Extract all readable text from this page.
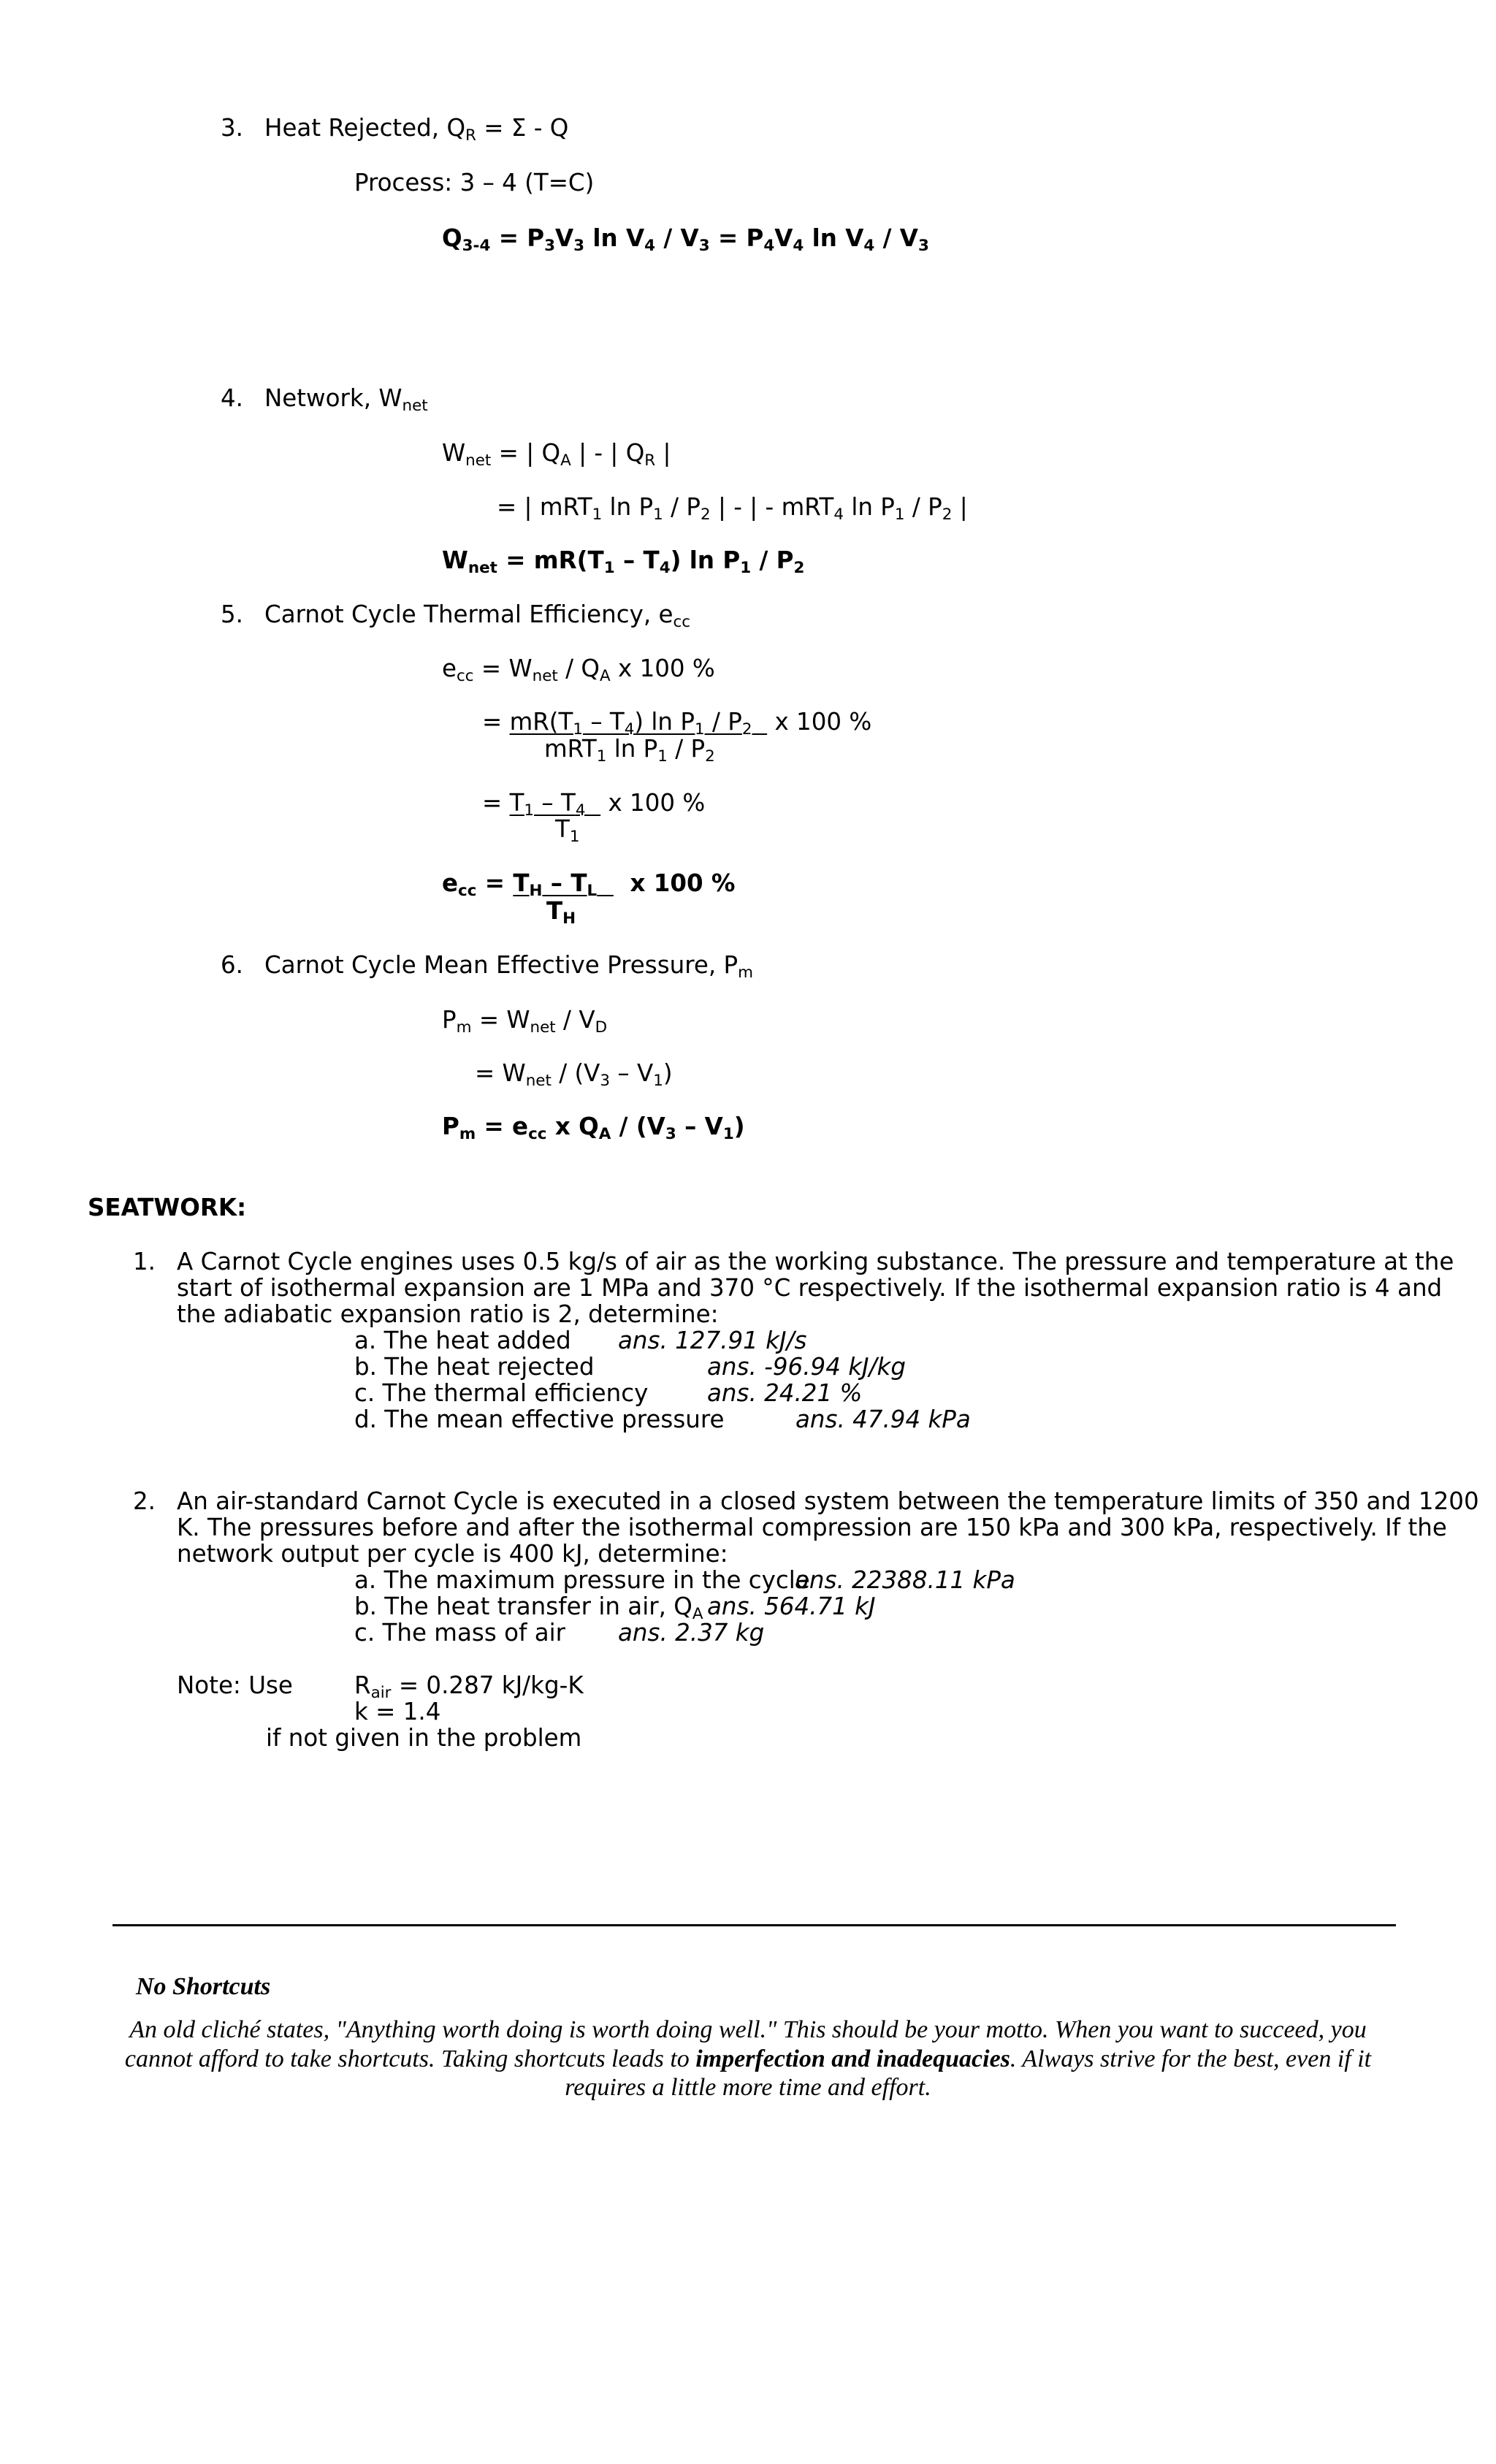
3. Heat Rejected, $Q_R = \Sigma - Q$
Process: 3 – 4 (T=C)
$Q_{3-4} = P_3V_3$ $\ln V_4 / V_3 = P_4V_4$ $\ln V_4 / V_3$
4. Network, $W_{net}$
$W_{net}$ = | $Q_A$ | - | $Q_R$ |
= | mRT$_1$ $\ln P_1 / P_2$ | - | - mRT$_4$ $\ln P_1 / P_2$ |
$W_{net} = mR(T_1 - T_4)$ $\ln P_1 / P_2$
5. Carnot Cycle Thermal Efficiency, $e_{cc}$
$e_{cc} = W_{net} / Q_A$ x 100 %
= $mR(T_1 - T_4)$ $\ln P_1 / P_2$   x 100 %
mRT$_1$ $\ln P_1 / P_2$
= $T_1 - T_4$   x 100 %
$T_1$
$e_{cc} = T_H - T_L$ x 100 %
$T_H$
6. Carnot Cycle Mean Effective Pressure, $P_m$
$P_m = W_{net} / V_D$
= $W_{net} / (V_3 - V_1)$
$P_m = e_{cc}$ x $Q_A / (V_3 - V_1)$
SEATWORK:
1. A Carnot Cycle engines uses 0.5 kg/s of air as the working substance. The pressure and temperature at the
start of isothermal expansion are 1 MPa and 370 °C respectively. If the isothermal expansion ratio is 4 and
the adiabatic expansion ratio is 2, determine:
a. The heat added ans. 127.91 kJ/s
b. The heat rejected	ans. -96.94 kJ/kg
c. The thermal efficiency ans. 24.21 %
d. The mean effective pressure	ans. 47.94 kPa
2. An air-standard Carnot Cycle is executed in a closed system between the temperature limits of 350 and 1200
K. The pressures before and after the isothermal compression are 150 kPa and 300 kPa, respectively. If the
network output per cycle is 400 kJ, determine:
a. The maximum pressure in the cycle
ans. 22388.11 kPa
b. The heat transfer in air, $Q_A$ ans. 564.71 kJ
c. The mass of air ans. 2.37 kg
Note: Use	$R_{air} = 0.287$ kJ/kg-K
k = 1.4
if not given in the problem
No Shortcuts
An old cliché states, "Anything worth doing is worth doing well." This should be your motto. When you want to succeed, you
cannot afford to take shortcuts. Taking shortcuts leads to imperfection and inadequacies. Always strive for the best, even if it
requires a little more time and effort.
